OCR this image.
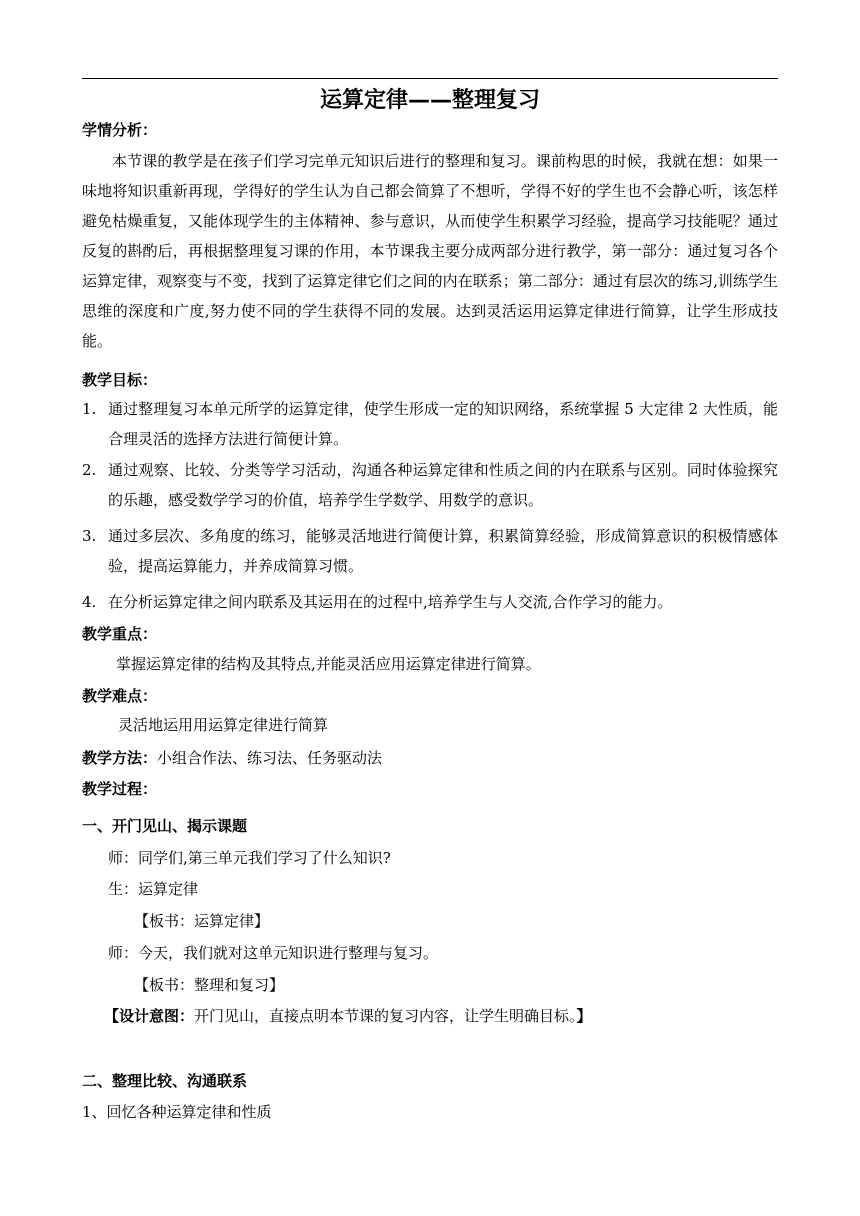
运算定律——整理复习
学情分析：
本节课的教学是在孩子们学习完单元知识后进行的整理和复习。课前构思的时候，我就在想：如果一味地将知识重新再现，学得好的学生认为自己都会简算了不想听，学得不好的学生也不会静心听，该怎样避免枯燥重复，又能体现学生的主体精神、参与意识，从而使学生积累学习经验，提高学习技能呢？通过反复的斟酌后，再根据整理复习课的作用，本节课我主要分成两部分进行教学，第一部分：通过复习各个运算定律，观察变与不变，找到了运算定律它们之间的内在联系；第二部分：通过有层次的练习,训练学生思维的深度和广度,努力使不同的学生获得不同的发展。达到灵活运用运算定律进行简算，让学生形成技能。
教学目标：
1. 通过整理复习本单元所学的运算定律，使学生形成一定的知识网络，系统掌握 5 大定律 2 大性质，能合理灵活的选择方法进行简便计算。
2. 通过观察、比较、分类等学习活动，沟通各种运算定律和性质之间的内在联系与区别。同时体验探究的乐趣，感受数学学习的价值，培养学生学数学、用数学的意识。
3. 通过多层次、多角度的练习，能够灵活地进行简便计算，积累简算经验，形成简算意识的积极情感体验，提高运算能力，并养成简算习惯。
4. 在分析运算定律之间内联系及其运用在的过程中,培养学生与人交流,合作学习的能力。
教学重点：
掌握运算定律的结构及其特点,并能灵活应用运算定律进行简算。
教学难点：
灵活地运用用运算定律进行简算
教学方法：小组合作法、练习法、任务驱动法
教学过程：
一、开门见山、揭示课题
师：同学们,第三单元我们学习了什么知识?
生：运算定律
【板书：运算定律】
师：今天，我们就对这单元知识进行整理与复习。
【板书：整理和复习】
【设计意图：开门见山，直接点明本节课的复习内容，让学生明确目标。】
二、整理比较、沟通联系
1、回忆各种运算定律和性质
